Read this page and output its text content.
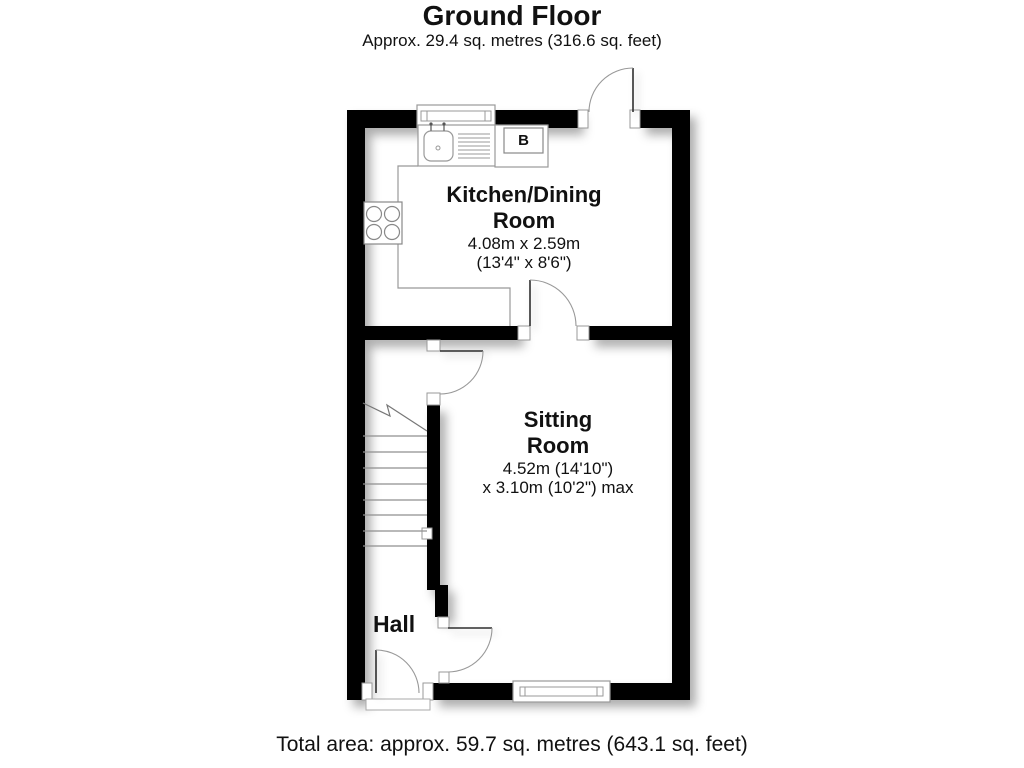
Ground Floor
Approx. 29.4 sq. metres (316.6 sq. feet)
Kitchen/Dining
Room
4.08m x 2.59m
(13'4" x 8'6")
Sitting
Room
4.52m (14'10")
x 3.10m (10'2") max
Hall
B
Total area: approx. 59.7 sq. metres (643.1 sq. feet)
